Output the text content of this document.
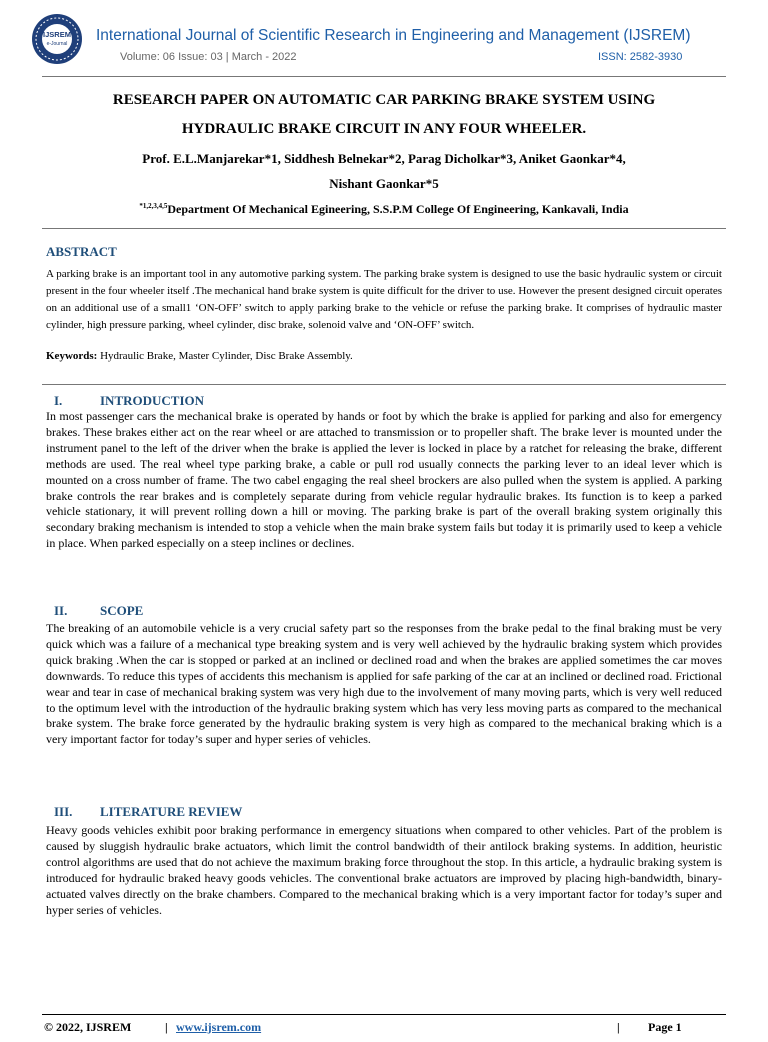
IJSREM
e-Journal International Journal of Scientific Research in Engineering and Management (IJSREM)
Volume: 06 Issue: 03 | March - 2022	ISSN: 2582-3930
RESEARCH PAPER ON AUTOMATIC CAR PARKING BRAKE SYSTEM USING
HYDRAULIC BRAKE CIRCUIT IN ANY FOUR WHEELER.
Prof. E.L.Manjarekar*1, Siddhesh Belnekar*2, Parag Dicholkar*3, Aniket Gaonkar*4,
Nishant Gaonkar*5
$^{*1,2,3,4,5}$Department Of Mechanical Egineering, S.S.P.M College Of Engineering, Kankavali, India
ABSTRACT
A parking brake is an important tool in any automotive parking system. The parking brake system is designed to use the basic hydraulic system or circuit present in the four wheeler itself .The mechanical hand brake system is quite difficult for the driver to use. However the present designed circuit operates on an additional use of a small1 ‘ON-OFF’ switch to apply parking brake to the vehicle or refuse the parking brake. It comprises of hydraulic master cylinder, high pressure parking, wheel cylinder, disc brake, solenoid valve and ‘ON-OFF’ switch.
Keywords: Hydraulic Brake, Master Cylinder, Disc Brake Assembly.
I.	INTRODUCTION
In most passenger cars the mechanical brake is operated by hands or foot by which the brake is applied for parking and also for emergency brakes. These brakes either act on the rear wheel or are attached to transmission or to propeller shaft. The brake lever is mounted under the instrument panel to the left of the driver when the brake is applied the lever is locked in place by a ratchet for releasing the brake, different methods are used. The real wheel type parking brake, a cable or pull rod usually connects the parking lever to an ideal lever which is mounted on a cross number of frame. The two cabel engaging the real sheel brockers are also pulled when the system is applied. A parking brake controls the rear brakes and is completely separate during from vehicle regular hydraulic brakes. Its function is to keep a parked vehicle stationary, it will prevent rolling down a hill or moving. The parking brake is part of the overall braking system originally this secondary braking mechanism is intended to stop a vehicle when the main brake system fails but today it is primarily used to keep a vehicle in place. When parked especially on a steep inclines or declines.
II.	SCOPE
The breaking of an automobile vehicle is a very crucial safety part so the responses from the brake pedal to the final braking must be very quick which was a failure of a mechanical type breaking system and is very well achieved by the hydraulic braking system which provides quick braking .When the car is stopped or parked at an inclined or declined road and when the brakes are applied sometimes the car moves downwards. To reduce this types of accidents this mechanism is applied for safe parking of the car at an inclined or declined road. Frictional wear and tear in case of mechanical braking system was very high due to the involvement of many moving parts, which is very well reduced to the optimum level with the introduction of the hydraulic braking system which has very less moving parts as compared to the mechanical brake system. The brake force generated by the hydraulic braking system is very high as compared to the mechanical braking which is a very important factor for today’s super and hyper series of vehicles.
III. LITERATURE REVIEW
Heavy goods vehicles exhibit poor braking performance in emergency situations when compared to other vehicles. Part of the problem is caused by sluggish hydraulic brake actuators, which limit the control bandwidth of their antilock braking systems. In addition, heuristic control algorithms are used that do not achieve the maximum braking force throughout the stop. In this article, a hydraulic braking system is introduced for hydraulic braked heavy goods vehicles. The conventional brake actuators are improved by placing high-bandwidth, binary-actuated valves directly on the brake chambers. Compared to the mechanical braking which is a very important factor for today’s super and hyper series of vehicles.
© 2022, IJSREM	| www.ijsrem.com	| Page 1
